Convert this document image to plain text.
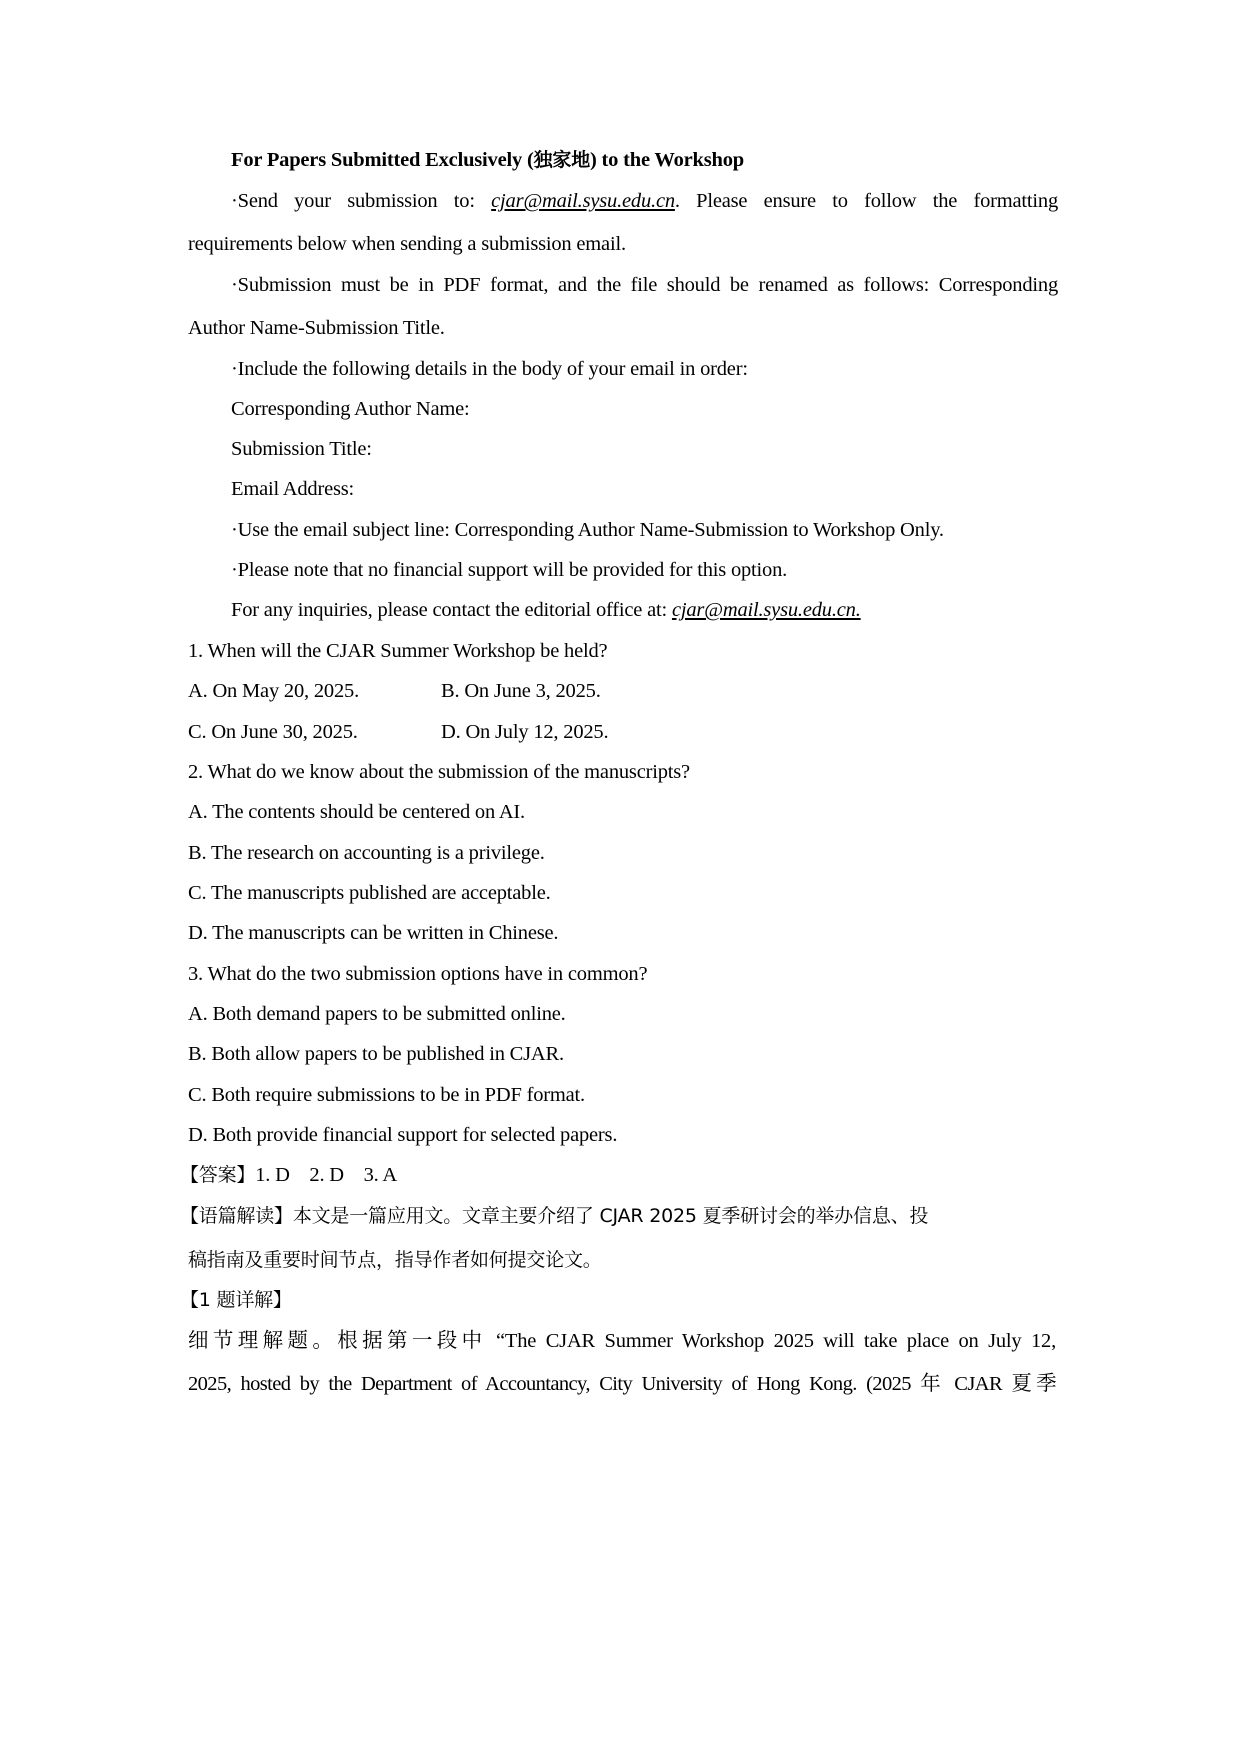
For Papers Submitted Exclusively (独家地) to the Workshop
·Send your submission to: cjar@mail.sysu.edu.cn. Please ensure to follow the formatting
requirements below when sending a submission email.
·Submission must be in PDF format, and the file should be renamed as follows: Corresponding
Author Name-Submission Title.
·Include the following details in the body of your email in order:
Corresponding Author Name:
Submission Title:
Email Address:
·Use the email subject line: Corresponding Author Name-Submission to Workshop Only.
·Please note that no financial support will be provided for this option.
For any inquiries, please contact the editorial office at: cjar@mail.sysu.edu.cn.
1. When will the CJAR Summer Workshop be held?
A. On May 20, 2025.	B. On June 3, 2025.
C. On June 30, 2025.	D. On July 12, 2025.
2. What do we know about the submission of the manuscripts?
A. The contents should be centered on AI.
B. The research on accounting is a privilege.
C. The manuscripts published are acceptable.
D. The manuscripts can be written in Chinese.
3. What do the two submission options have in common?
A. Both demand papers to be submitted online.
B. Both allow papers to be published in CJAR.
C. Both require submissions to be in PDF format.
D. Both provide financial support for selected papers.
【答案】1. D    2. D    3. A
【语篇解读】本文是一篇应用文。文章主要介绍了 CJAR 2025 夏季研讨会的举办信息、投
稿指南及重要时间节点，指导作者如何提交论文。
【1 题详解】
细节理解题。根据第一段中 “The CJAR Summer Workshop 2025 will take place on July 12,
2025, hosted by the Department of Accountancy, City University of Hong Kong. (2025 年 CJAR 夏季
